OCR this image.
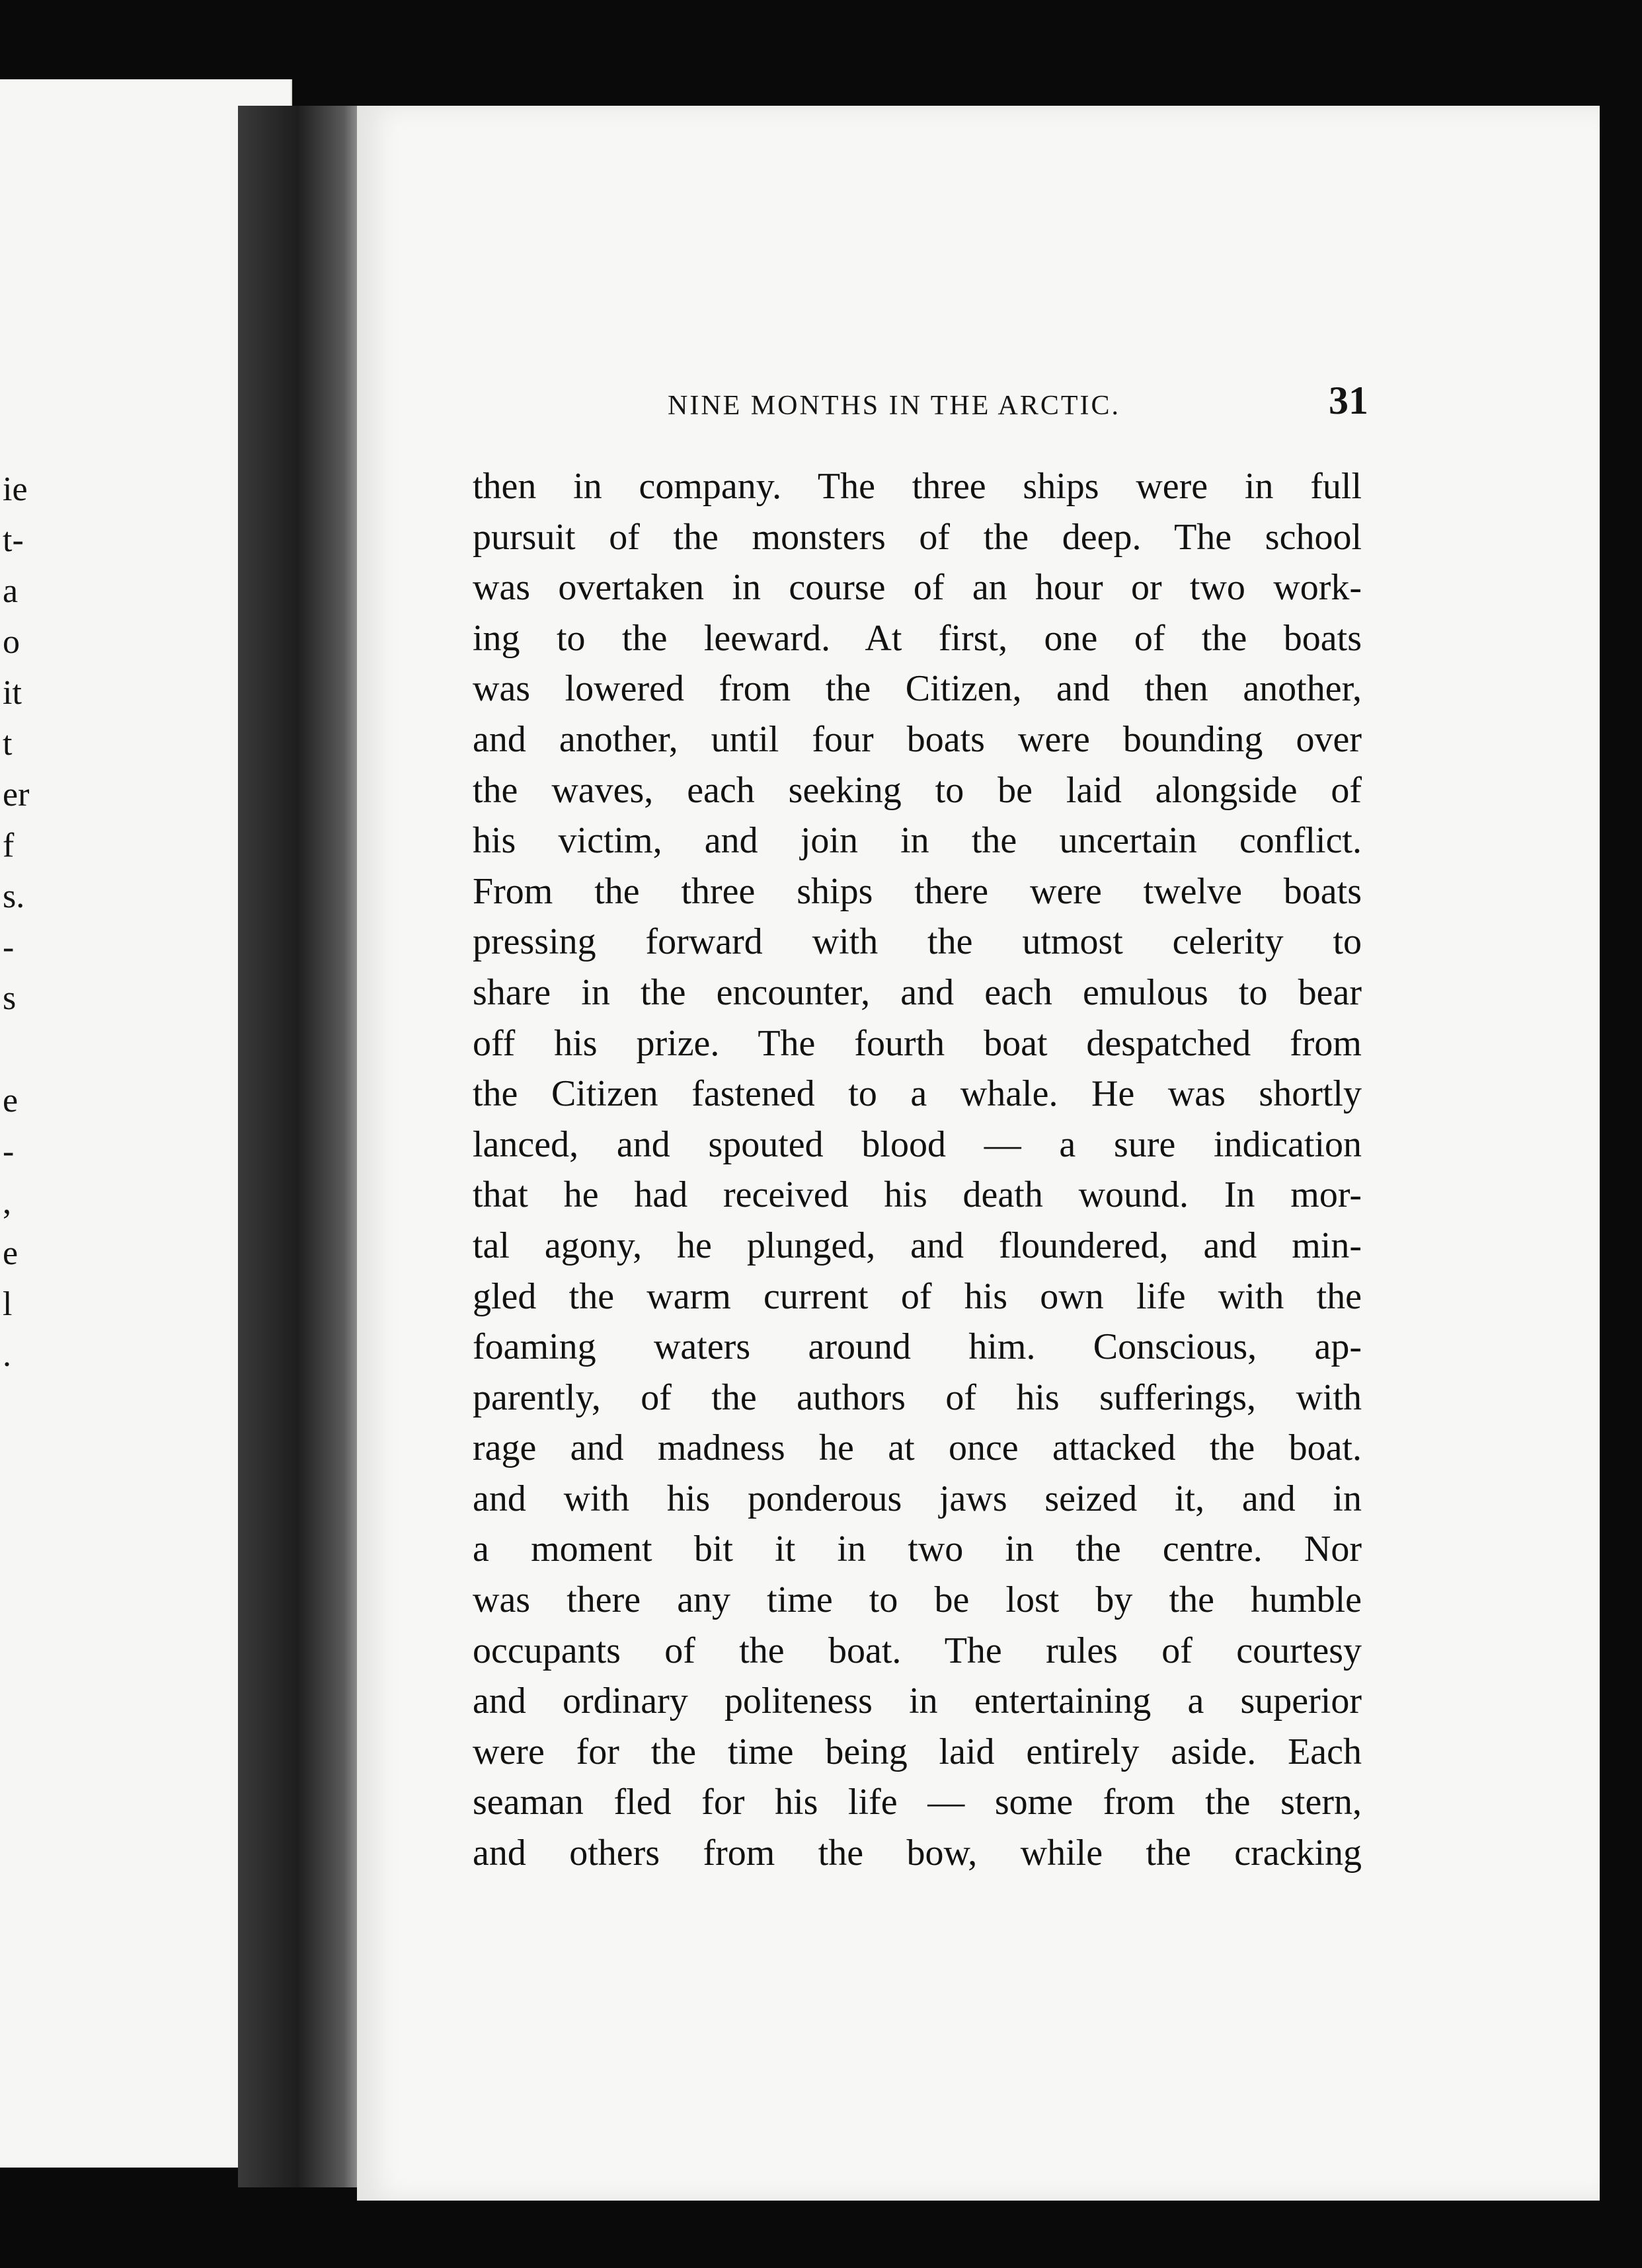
ie
t-
a
o
it
t
er
f
s.
-
s
e
-
,
e
l
.
NINE MONTHS IN THE ARCTIC.	31
then in company. The three ships were in full
pursuit of the monsters of the deep. The school
was overtaken in course of an hour or two work-
ing to the leeward. At first, one of the boats
was lowered from the Citizen, and then another,
and another, until four boats were bounding over
the waves, each seeking to be laid alongside of
his victim, and join in the uncertain conflict.
From the three ships there were twelve boats
pressing forward with the utmost celerity to
share in the encounter, and each emulous to bear
off his prize. The fourth boat despatched from
the Citizen fastened to a whale. He was shortly
lanced, and spouted blood — a sure indication
that he had received his death wound. In mor-
tal agony, he plunged, and floundered, and min-
gled the warm current of his own life with the
foaming waters around him. Conscious, ap-
parently, of the authors of his sufferings, with
rage and madness he at once attacked the boat.
and with his ponderous jaws seized it, and in
a moment bit it in two in the centre. Nor
was there any time to be lost by the humble
occupants of the boat. The rules of courtesy
and ordinary politeness in entertaining a superior
were for the time being laid entirely aside. Each
seaman fled for his life — some from the stern,
and others from the bow, while the cracking
